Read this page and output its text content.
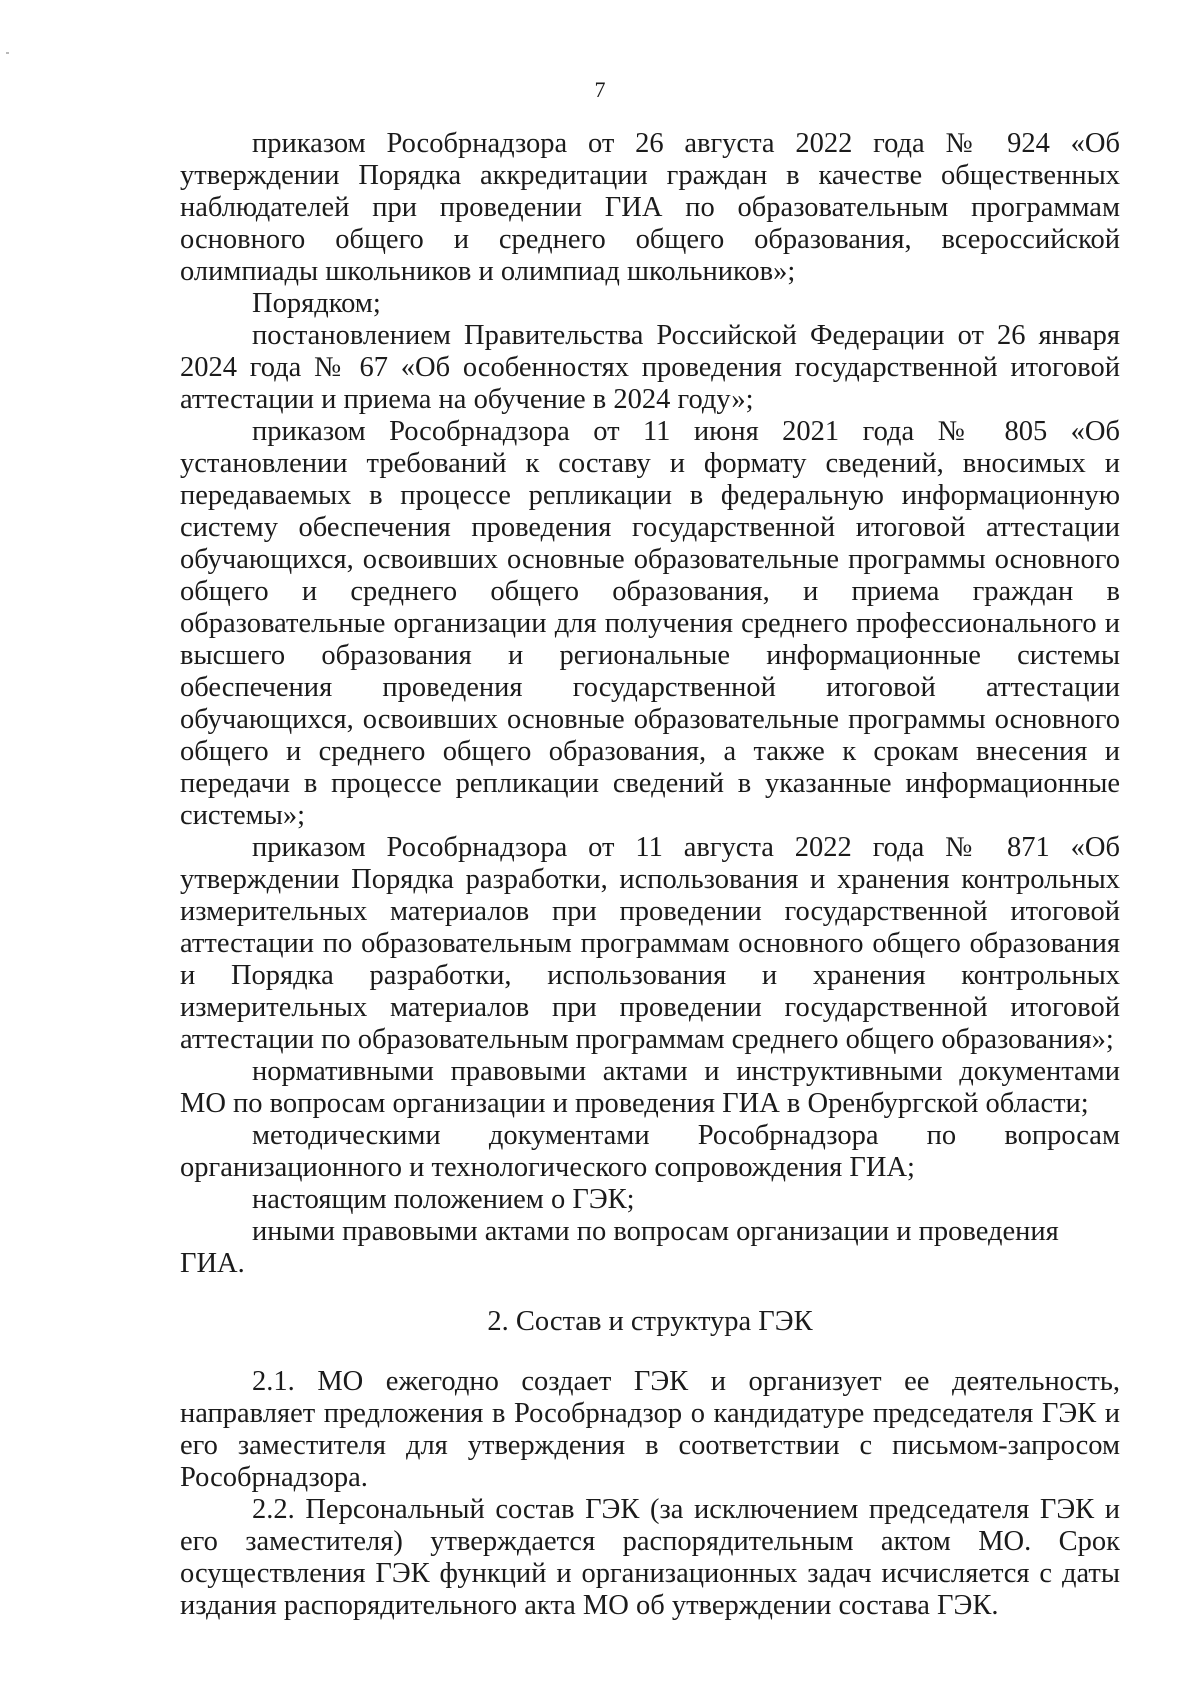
7

приказом Рособрнадзора от 26 августа 2022 года № 924 «Об утверждении Порядка аккредитации граждан в качестве общественных наблюдателей при проведении ГИА по образовательным программам основного общего и среднего общего образования, всероссийской олимпиады школьников и олимпиад школьников»;

Порядком;

постановлением Правительства Российской Федерации от 26 января 2024 года № 67 «Об особенностях проведения государственной итоговой аттестации и приема на обучение в 2024 году»;

приказом Рособрнадзора от 11 июня 2021 года № 805 «Об установлении требований к составу и формату сведений, вносимых и передаваемых в процессе репликации в федеральную информационную систему обеспечения проведения государственной итоговой аттестации обучающихся, освоивших основные образовательные программы основного общего и среднего общего образования, и приема граждан в образовательные организации для получения среднего профессионального и высшего образования и региональные информационные системы обеспечения проведения государственной итоговой аттестации обучающихся, освоивших основные образовательные программы основного общего и среднего общего образования, а также к срокам внесения и передачи в процессе репликации сведений в указанные информационные системы»;

приказом Рособрнадзора от 11 августа 2022 года № 871 «Об утверждении Порядка разработки, использования и хранения контрольных измерительных материалов при проведении государственной итоговой аттестации по образовательным программам основного общего образования и Порядка разработки, использования и хранения контрольных измерительных материалов при проведении государственной итоговой аттестации по образовательным программам среднего общего образования»;

нормативными правовыми актами и инструктивными документами МО по вопросам организации и проведения ГИА в Оренбургской области;

методическими документами Рособрнадзора по вопросам организационного и технологического сопровождения ГИА;

настоящим положением о ГЭК;

иными правовыми актами по вопросам организации и проведения ГИА.

2. Состав и структура ГЭК

2.1. МО ежегодно создает ГЭК и организует ее деятельность, направляет предложения в Рособрнадзор о кандидатуре председателя ГЭК и его заместителя для утверждения в соответствии с письмом-запросом Рособрнадзора.

2.2. Персональный состав ГЭК (за исключением председателя ГЭК и его заместителя) утверждается распорядительным актом МО. Срок осуществления ГЭК функций и организационных задач исчисляется с даты издания распорядительного акта МО об утверждении состава ГЭК.
